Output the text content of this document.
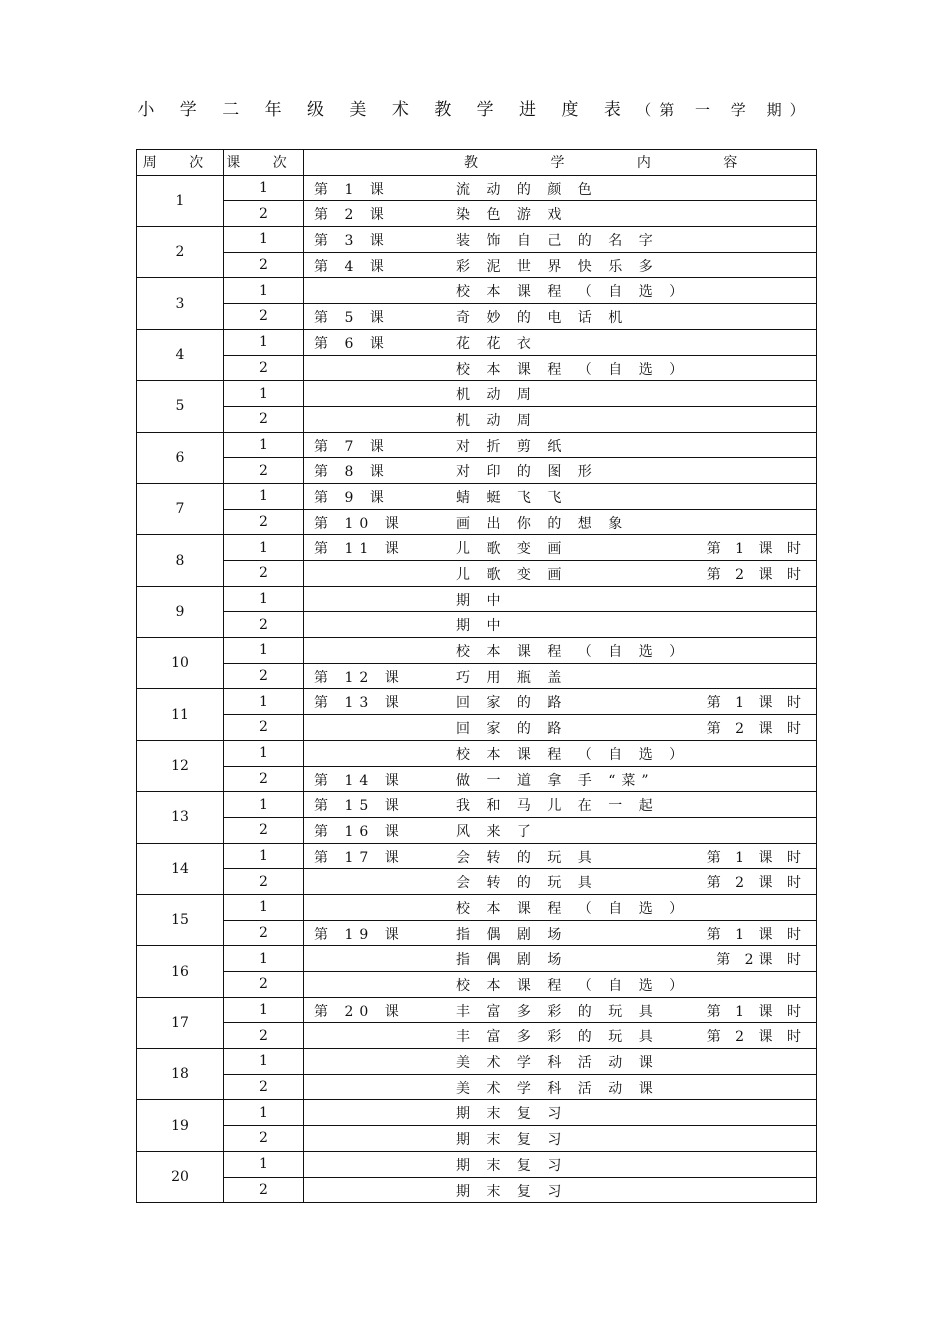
小 学 二 年 级 美 术 教 学 进 度 表 （第 一 学 期）
周 次	课 次	教 学 内 容
1	1	第 1 课 流 动 的 颜 色

	2	第 2 课 染 色 游 戏

2	1	第 3 课 装 饰 自 己 的 名 字

	2	第 4 课 彩 泥 世 界 快 乐 多

3	1	校 本 课 程 （ 自 选 ）

	2	第 5 课 奇 妙 的 电 话 机

4	1	第 6 课 花 花 衣

	2	校 本 课 程 （ 自 选 ）

5	1	机 动 周

	2	机 动 周

6	1	第 7 课 对 折 剪 纸

	2	第 8 课 对 印 的 图 形

7	1	第 9 课 蜻 蜓 飞 飞

	2	第 10 课 画 出 你 的 想 象

8	1	第 11 课 儿 歌 变 画 第 1 课 时

	2	儿 歌 变 画 第 2 课 时

9	1	期 中

	2	期 中

10	1	校 本 课 程 （ 自 选 ）

	2	第 12 课 巧 用 瓶 盖

11	1	第 13 课 回 家 的 路 第 1 课 时

	2	回 家 的 路 第 2 课 时

12	1	校 本 课 程 （ 自 选 ）

	2	第 14 课 做 一 道 拿 手 “菜”

13	1	第 15 课 我 和 马 儿 在 一 起

	2	第 16 课 风 来 了

14	1	第 17 课 会 转 的 玩 具 第 1 课 时

	2	会 转 的 玩 具 第 2 课 时

15	1	校 本 课 程 （ 自 选 ）

	2	第 19 课 指 偶 剧 场 第 1 课 时

16	1	指 偶 剧 场 第 2课 时

	2	校 本 课 程 （ 自 选 ）

17	1	第 20 课 丰 富 多 彩 的 玩 具 第 1 课 时

	2	丰 富 多 彩 的 玩 具 第 2 课 时

18	1	美 术 学 科 活 动 课

	2	美 术 学 科 活 动 课

19	1	期 末 复 习

	2	期 末 复 习

20	1	期 末 复 习

	2	期 末 复 习
